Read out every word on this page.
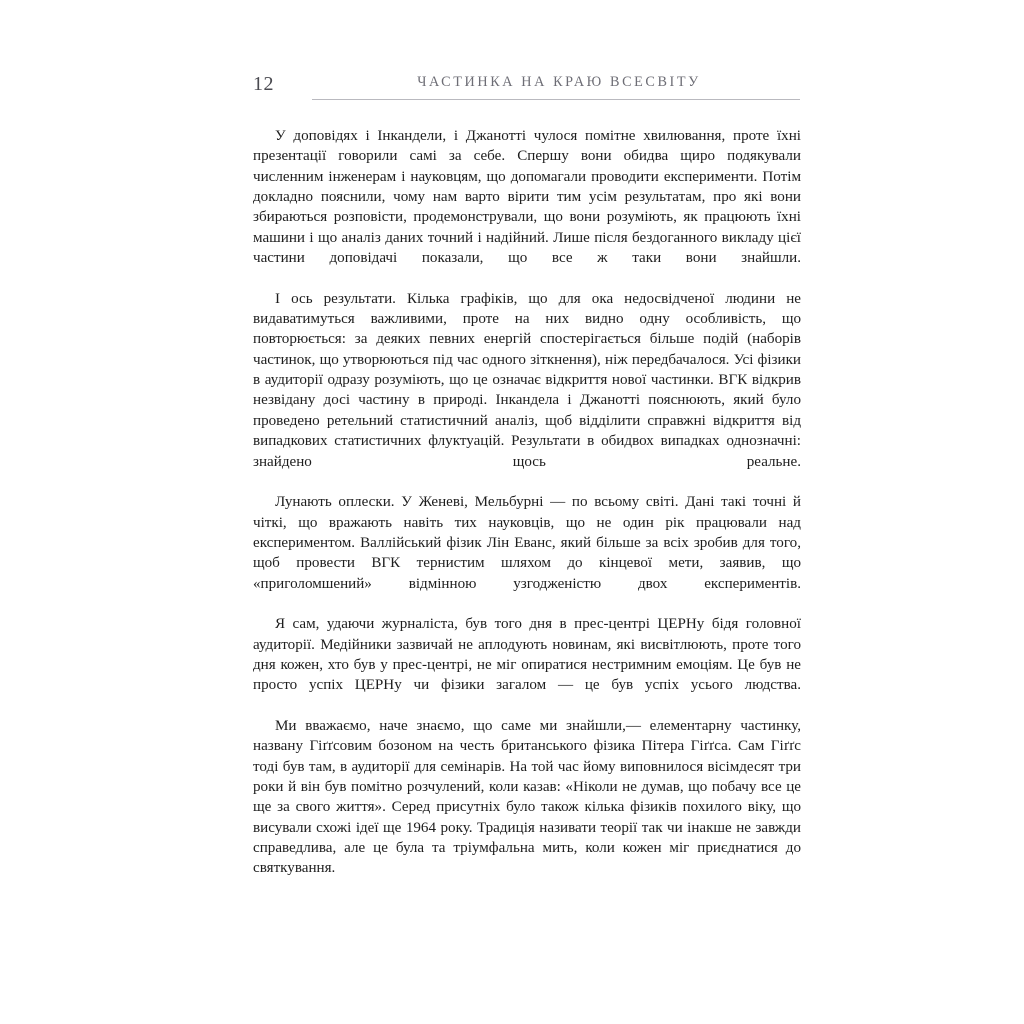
12	ЧАСТИНКА НА КРАЮ ВСЕСВІТУ

У доповідях і Інкандели, і Джанотті чулося помітне хвилювання, проте їхні презентації говорили самі за себе. Спершу вони обидва щиро подякували численним інженерам і науковцям, що допомагали проводити експерименти. Потім докладно пояснили, чому нам варто вірити тим усім результатам, про які вони збираються розповісти, продемонстрували, що вони розуміють, як працюють їхні машини і що аналіз даних точний і надійний. Лише після бездоганного викладу цієї частини доповідачі показали, що все ж таки вони знайшли.

І ось результати. Кілька графіків, що для ока недосвідченої людини не видаватимуться важливими, проте на них видно одну особливість, що повторюється: за деяких певних енергій спостерігається більше подій (наборів частинок, що утворюються під час одного зіткнення), ніж передбачалося. Усі фізики в аудиторії одразу розуміють, що це означає відкриття нової частинки. ВГК відкрив незвідану досі частину в природі. Інкандела і Джанотті пояснюють, який було проведено ретельний статистичний аналіз, щоб відділити справжні відкриття від випадкових статистичних флуктуацій. Результати в обидвох випадках однозначні: знайдено щось реальне.

Лунають оплески. У Женеві, Мельбурні — по всьому світі. Дані такі точні й чіткі, що вражають навіть тих науковців, що не один рік працювали над експериментом. Валлійський фізик Лін Еванс, який більше за всіх зробив для того, щоб провести ВГК тернистим шляхом до кінцевої мети, заявив, що «приголомшений» відмінною узгодженістю двох експериментів.

Я сам, удаючи журналіста, був того дня в прес-центрі ЦЕРНу бідя головної аудиторії. Медійники зазвичай не аплодують новинам, які висвітлюють, проте того дня кожен, хто був у прес-центрі, не міг опиратися нестримним емоціям. Це був не просто успіх ЦЕРНу чи фізики загалом — це був успіх усього людства.

Ми вважаємо, наче знаємо, що саме ми знайшли,— елементарну частинку, названу Гіґґсовим бозоном на честь британського фізика Пітера Гіґґса. Сам Гіґґс тоді був там, в аудиторії для семінарів. На той час йому виповнилося вісімдесят три роки й він був помітно розчулений, коли казав: «Ніколи не думав, що побачу все це ще за свого життя». Серед присутніх було також кілька фізиків похилого віку, що висували схожі ідеї ще 1964 року. Традиція називати теорії так чи інакше не завжди справедлива, але це була та тріумфальна мить, коли кожен міг приєднатися до святкування.
